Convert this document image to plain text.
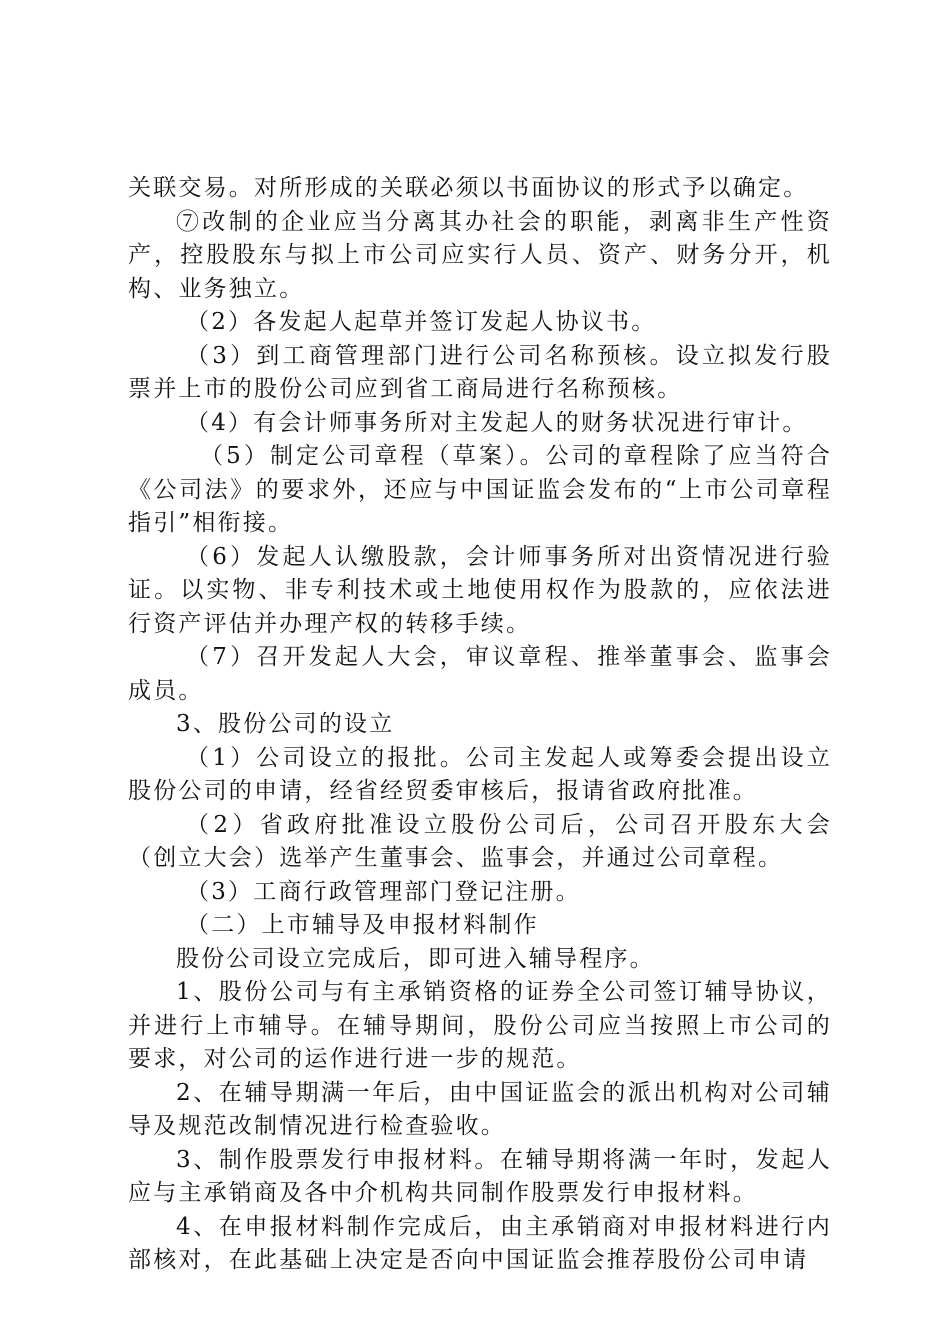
关联交易。对所形成的关联必须以书面协议的形式予以确定。

⑦改制的企业应当分离其办社会的职能，剥离非生产性资产，控股股东与拟上市公司应实行人员、资产、财务分开，机构、业务独立。

（2）各发起人起草并签订发起人协议书。

（3）到工商管理部门进行公司名称预核。设立拟发行股票并上市的股份公司应到省工商局进行名称预核。

（4）有会计师事务所对主发起人的财务状况进行审计。

（5）制定公司章程（草案）。公司的章程除了应当符合《公司法》的要求外，还应与中国证监会发布的“上市公司章程指引”相衔接。

（6）发起人认缴股款，会计师事务所对出资情况进行验证。以实物、非专利技术或土地使用权作为股款的，应依法进行资产评估并办理产权的转移手续。

（7）召开发起人大会，审议章程、推举董事会、监事会成员。

3、股份公司的设立

（1）公司设立的报批。公司主发起人或筹委会提出设立股份公司的申请，经省经贸委审核后，报请省政府批准。

（2）省政府批准设立股份公司后，公司召开股东大会（创立大会）选举产生董事会、监事会，并通过公司章程。

（3）工商行政管理部门登记注册。

（二）上市辅导及申报材料制作

股份公司设立完成后，即可进入辅导程序。

1、股份公司与有主承销资格的证券全公司签订辅导协议，并进行上市辅导。在辅导期间，股份公司应当按照上市公司的要求，对公司的运作进行进一步的规范。

2、在辅导期满一年后，由中国证监会的派出机构对公司辅导及规范改制情况进行检查验收。

3、制作股票发行申报材料。在辅导期将满一年时，发起人应与主承销商及各中介机构共同制作股票发行申报材料。

4、在申报材料制作完成后，由主承销商对申报材料进行内部核对，在此基础上决定是否向中国证监会推荐股份公司申请
